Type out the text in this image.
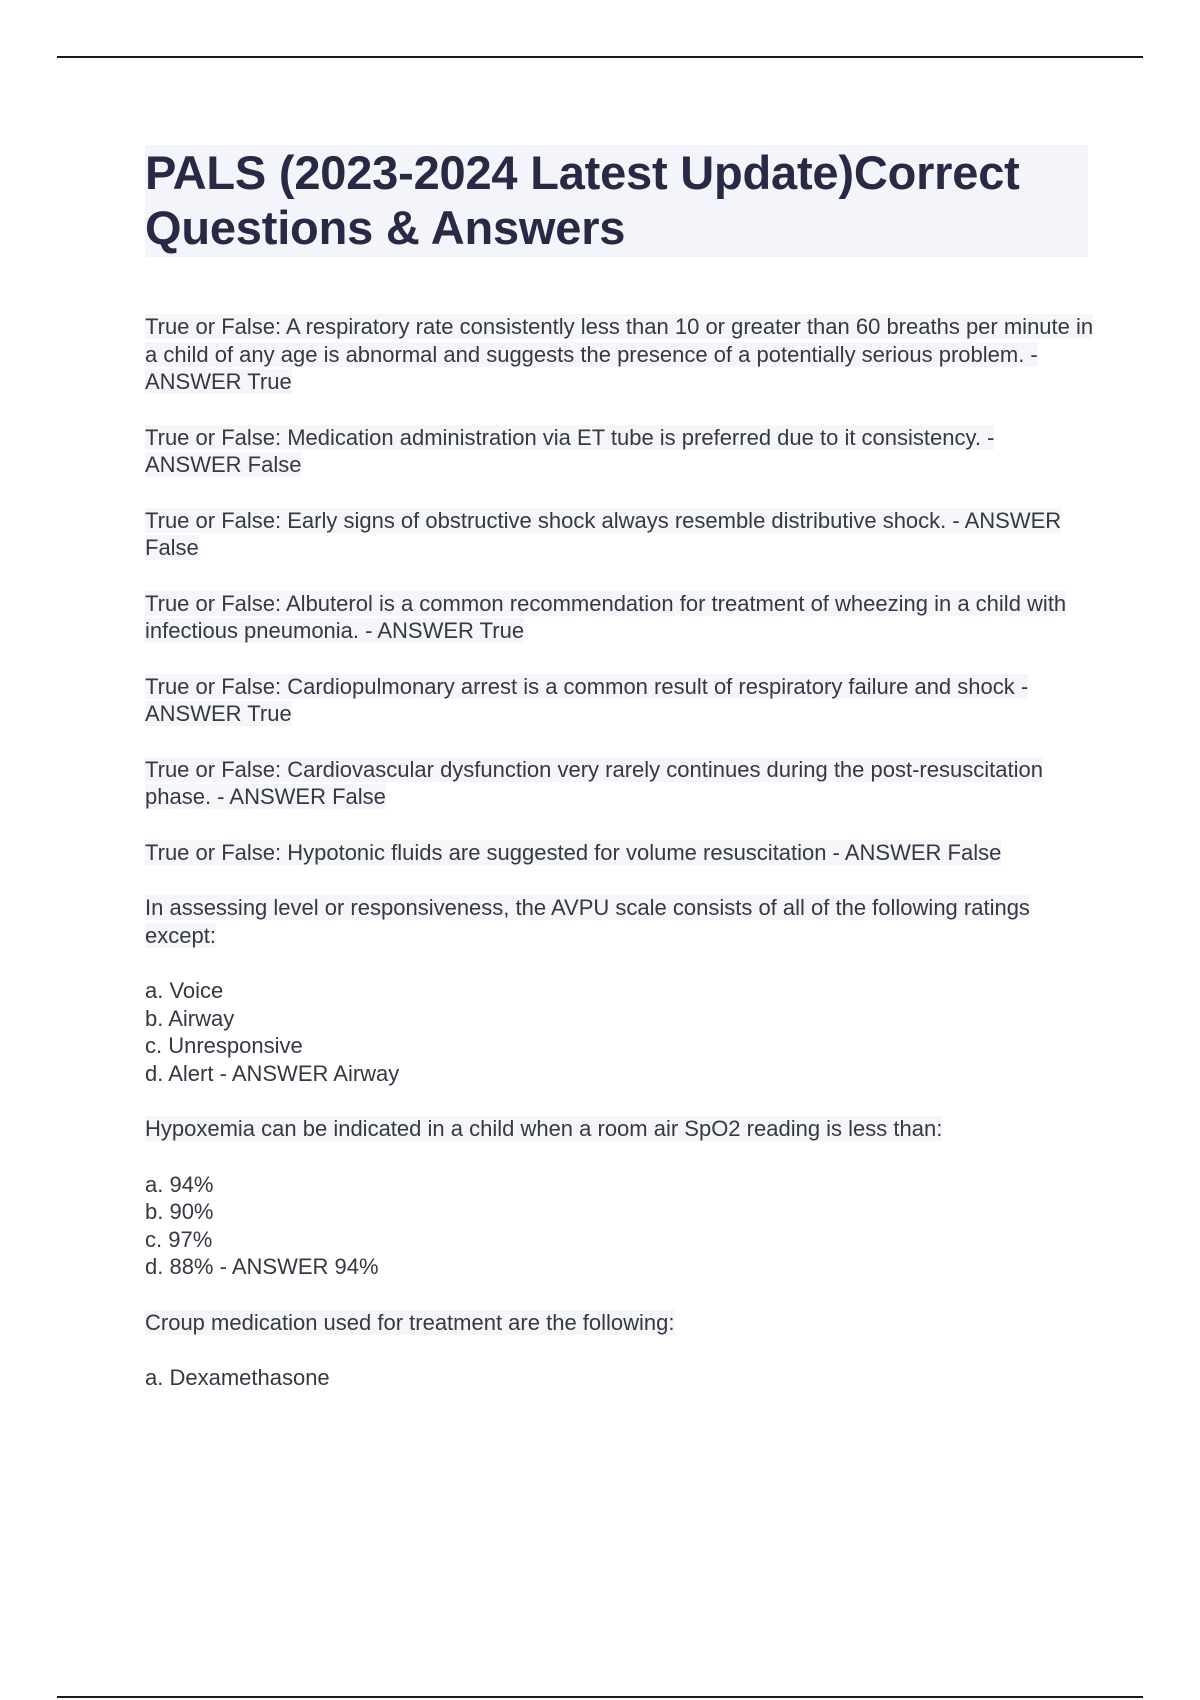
PALS (2023-2024 Latest Update)Correct Questions & Answers

True or False: A respiratory rate consistently less than 10 or greater than 60 breaths per minute in a child of any age is abnormal and suggests the presence of a potentially serious problem. - ANSWER True

True or False: Medication administration via ET tube is preferred due to it consistency. - ANSWER False

True or False: Early signs of obstructive shock always resemble distributive shock. - ANSWER False

True or False: Albuterol is a common recommendation for treatment of wheezing in a child with infectious pneumonia. - ANSWER True

True or False: Cardiopulmonary arrest is a common result of respiratory failure and shock - ANSWER True

True or False: Cardiovascular dysfunction very rarely continues during the post-resuscitation phase. - ANSWER False

True or False: Hypotonic fluids are suggested for volume resuscitation - ANSWER False

In assessing level or responsiveness, the AVPU scale consists of all of the following ratings except:

a. Voice
b. Airway
c. Unresponsive
d. Alert - ANSWER Airway

Hypoxemia can be indicated in a child when a room air SpO2 reading is less than:

a. 94%
b. 90%
c. 97%
d. 88% - ANSWER 94%

Croup medication used for treatment are the following:

a. Dexamethasone
